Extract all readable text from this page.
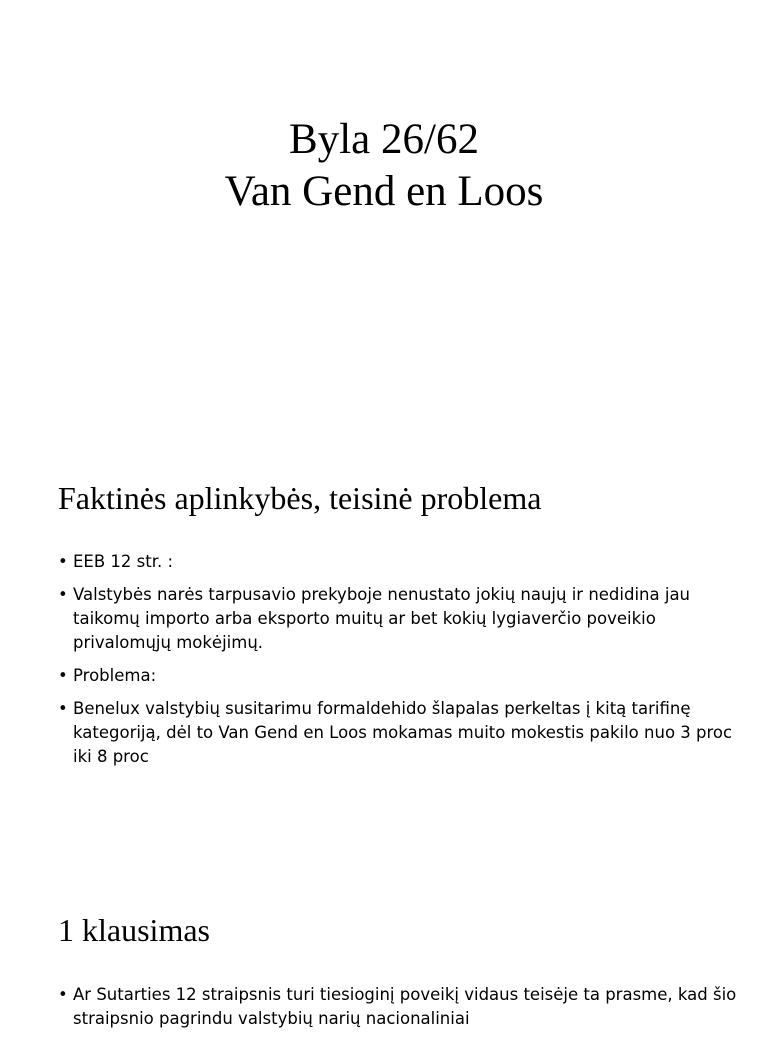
Byla 26/62
Van Gend en Loos
Faktinės aplinkybės, teisinė problema
• EEB 12 str. :
• Valstybės narės tarpusavio prekyboje nenustato jokių naujų ir nedidina jau taikomų importo arba eksporto muitų ar bet kokių lygiaverčio poveikio privalomųjų mokėjimų.
• Problema:
• Benelux valstybių susitarimu formaldehido šlapalas perkeltas į kitą tarifinę kategoriją, dėl to Van Gend en Loos mokamas muito mokestis pakilo nuo 3 proc iki 8 proc
1 klausimas
• Ar Sutarties 12 straipsnis turi tiesioginį poveikį vidaus teisėje ta prasme, kad šio straipsnio pagrindu valstybių narių nacionaliniai
